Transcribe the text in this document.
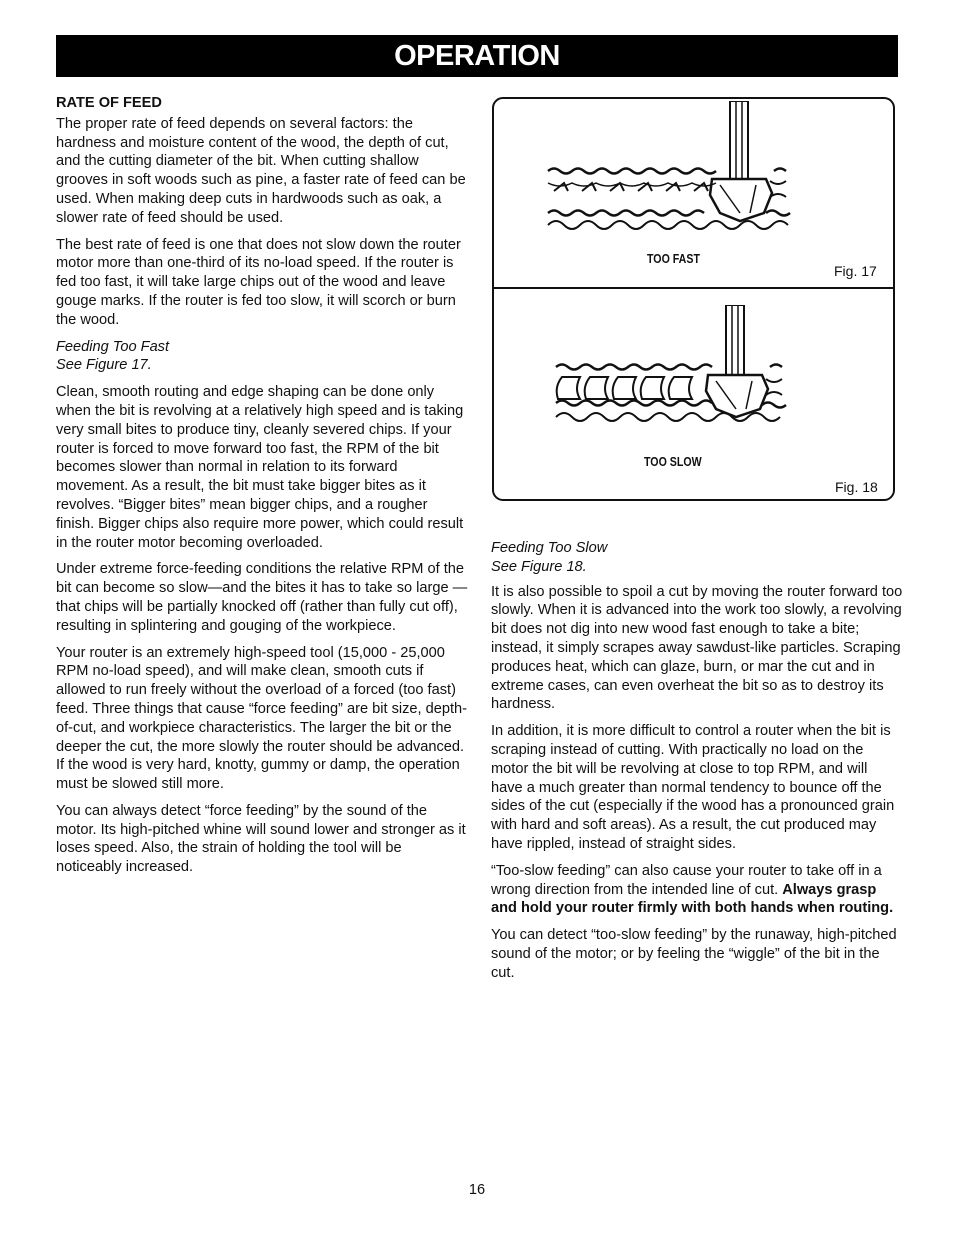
OPERATION

RATE OF FEED

The proper rate of feed depends on several factors: the hardness and moisture content of the wood, the depth of cut, and the cutting diameter of the bit. When cutting shallow grooves in soft woods such as pine, a faster rate of feed can be used. When making deep cuts in hardwoods such as oak, a slower rate of feed should be used.

The best rate of feed is one that does not slow down the router motor more than one-third of its no-load speed. If the router is fed too fast, it will take large chips out of the wood and leave gouge marks. If the router is fed too slow, it will scorch or burn the wood.

Feeding Too Fast
See Figure 17.

Clean, smooth routing and edge shaping can be done only when the bit is revolving at a relatively high speed and is taking very small bites to produce tiny, cleanly severed chips. If your router is forced to move forward too fast, the RPM of the bit becomes slower than normal in relation to its forward movement. As a result, the bit must take bigger bites as it revolves. “Bigger bites” mean bigger chips, and a rougher finish. Bigger chips also require more power, which could result in the router motor becoming overloaded.

Under extreme force-feeding conditions the relative RPM of the bit can become so slow—and the bites it has to take so large — that chips will be partially knocked off (rather than fully cut off), resulting in splintering and gouging of the workpiece.

Your router is an extremely high-speed tool (15,000 - 25,000 RPM no-load speed), and will make clean, smooth cuts if allowed to run freely without the overload of a forced (too fast) feed. Three things that cause “force feeding” are bit size, depth-of-cut, and workpiece characteristics. The larger the bit or the deeper the cut, the more slowly the router should be advanced. If the wood is very hard, knotty, gummy or damp, the operation must be slowed still more.

You can always detect “force feeding” by the sound of the motor. Its high-pitched whine will sound lower and stronger as it loses speed. Also, the strain of holding the tool will be noticeably increased.

TOO FAST
Fig. 17
TOO SLOW
Fig. 18

Feeding Too Slow
See Figure 18.

It is also possible to spoil a cut by moving the router forward too slowly. When it is advanced into the work too slowly, a revolving bit does not dig into new wood fast enough to take a bite; instead, it simply scrapes away sawdust-like particles. Scraping produces heat, which can glaze, burn, or mar the cut and in extreme cases, can even overheat the bit so as to destroy its hardness.

In addition, it is more difficult to control a router when the bit is scraping instead of cutting. With practically no load on the motor the bit will be revolving at close to top RPM, and will have a much greater than normal tendency to bounce off the sides of the cut (especially if the wood has a pronounced grain with hard and soft areas). As a result, the cut produced may have rippled, instead of straight sides.

“Too-slow feeding” can also cause your router to take off in a wrong direction from the intended line of cut. Always grasp and hold your router firmly with both hands when routing.

You can detect “too-slow feeding” by the runaway, high-pitched sound of the motor; or by feeling the “wiggle” of the bit in the cut.

16
